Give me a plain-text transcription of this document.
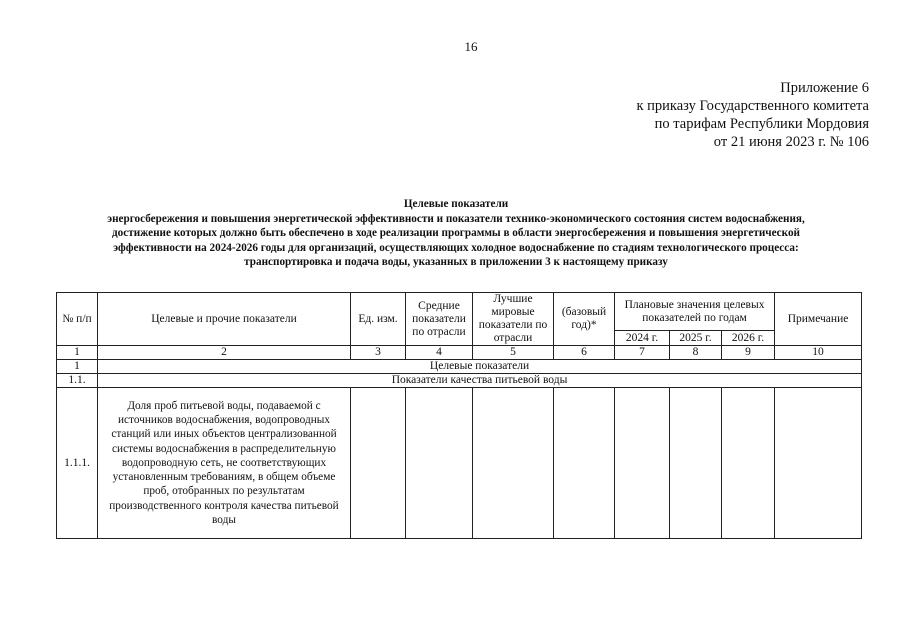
16
Приложение 6
к приказу Государственного комитета
по тарифам Республики Мордовия
от 21 июня 2023 г. № 106
Целевые показатели
энергосбережения и повышения энергетической эффективности и показатели технико-экономического состояния систем водоснабжения,
достижение которых должно быть обеспечено в ходе реализации программы в области энергосбережения и повышения энергетической
эффективности на 2024-2026 годы для организаций, осуществляющих холодное водоснабжение по стадиям технологического процесса:
транспортировка и подача воды, указанных в приложении 3 к настоящему приказу
№ п/п	Целевые и прочие показатели	Ед. изм.	Средние показатели по отрасли	Лучшие мировые показатели по отрасли	(базовый год)*	Плановые значения целевых показателей по годам			Примечание

						2024 г.	2025 г.	2026 г.	
1	2	3	4	5	6	7	8	9	10
1	Целевые показатели								
1.1.	Показатели качества питьевой воды								
1.1.1.	Доля проб питьевой воды, подаваемой с источников водоснабжения, водопроводных станций или иных объектов централизованной системы водоснабжения в распределительную водопроводную сеть, не соответствующих установленным требованиям, в общем объеме проб, отобранных по результатам производственного контроля качества питьевой воды								
